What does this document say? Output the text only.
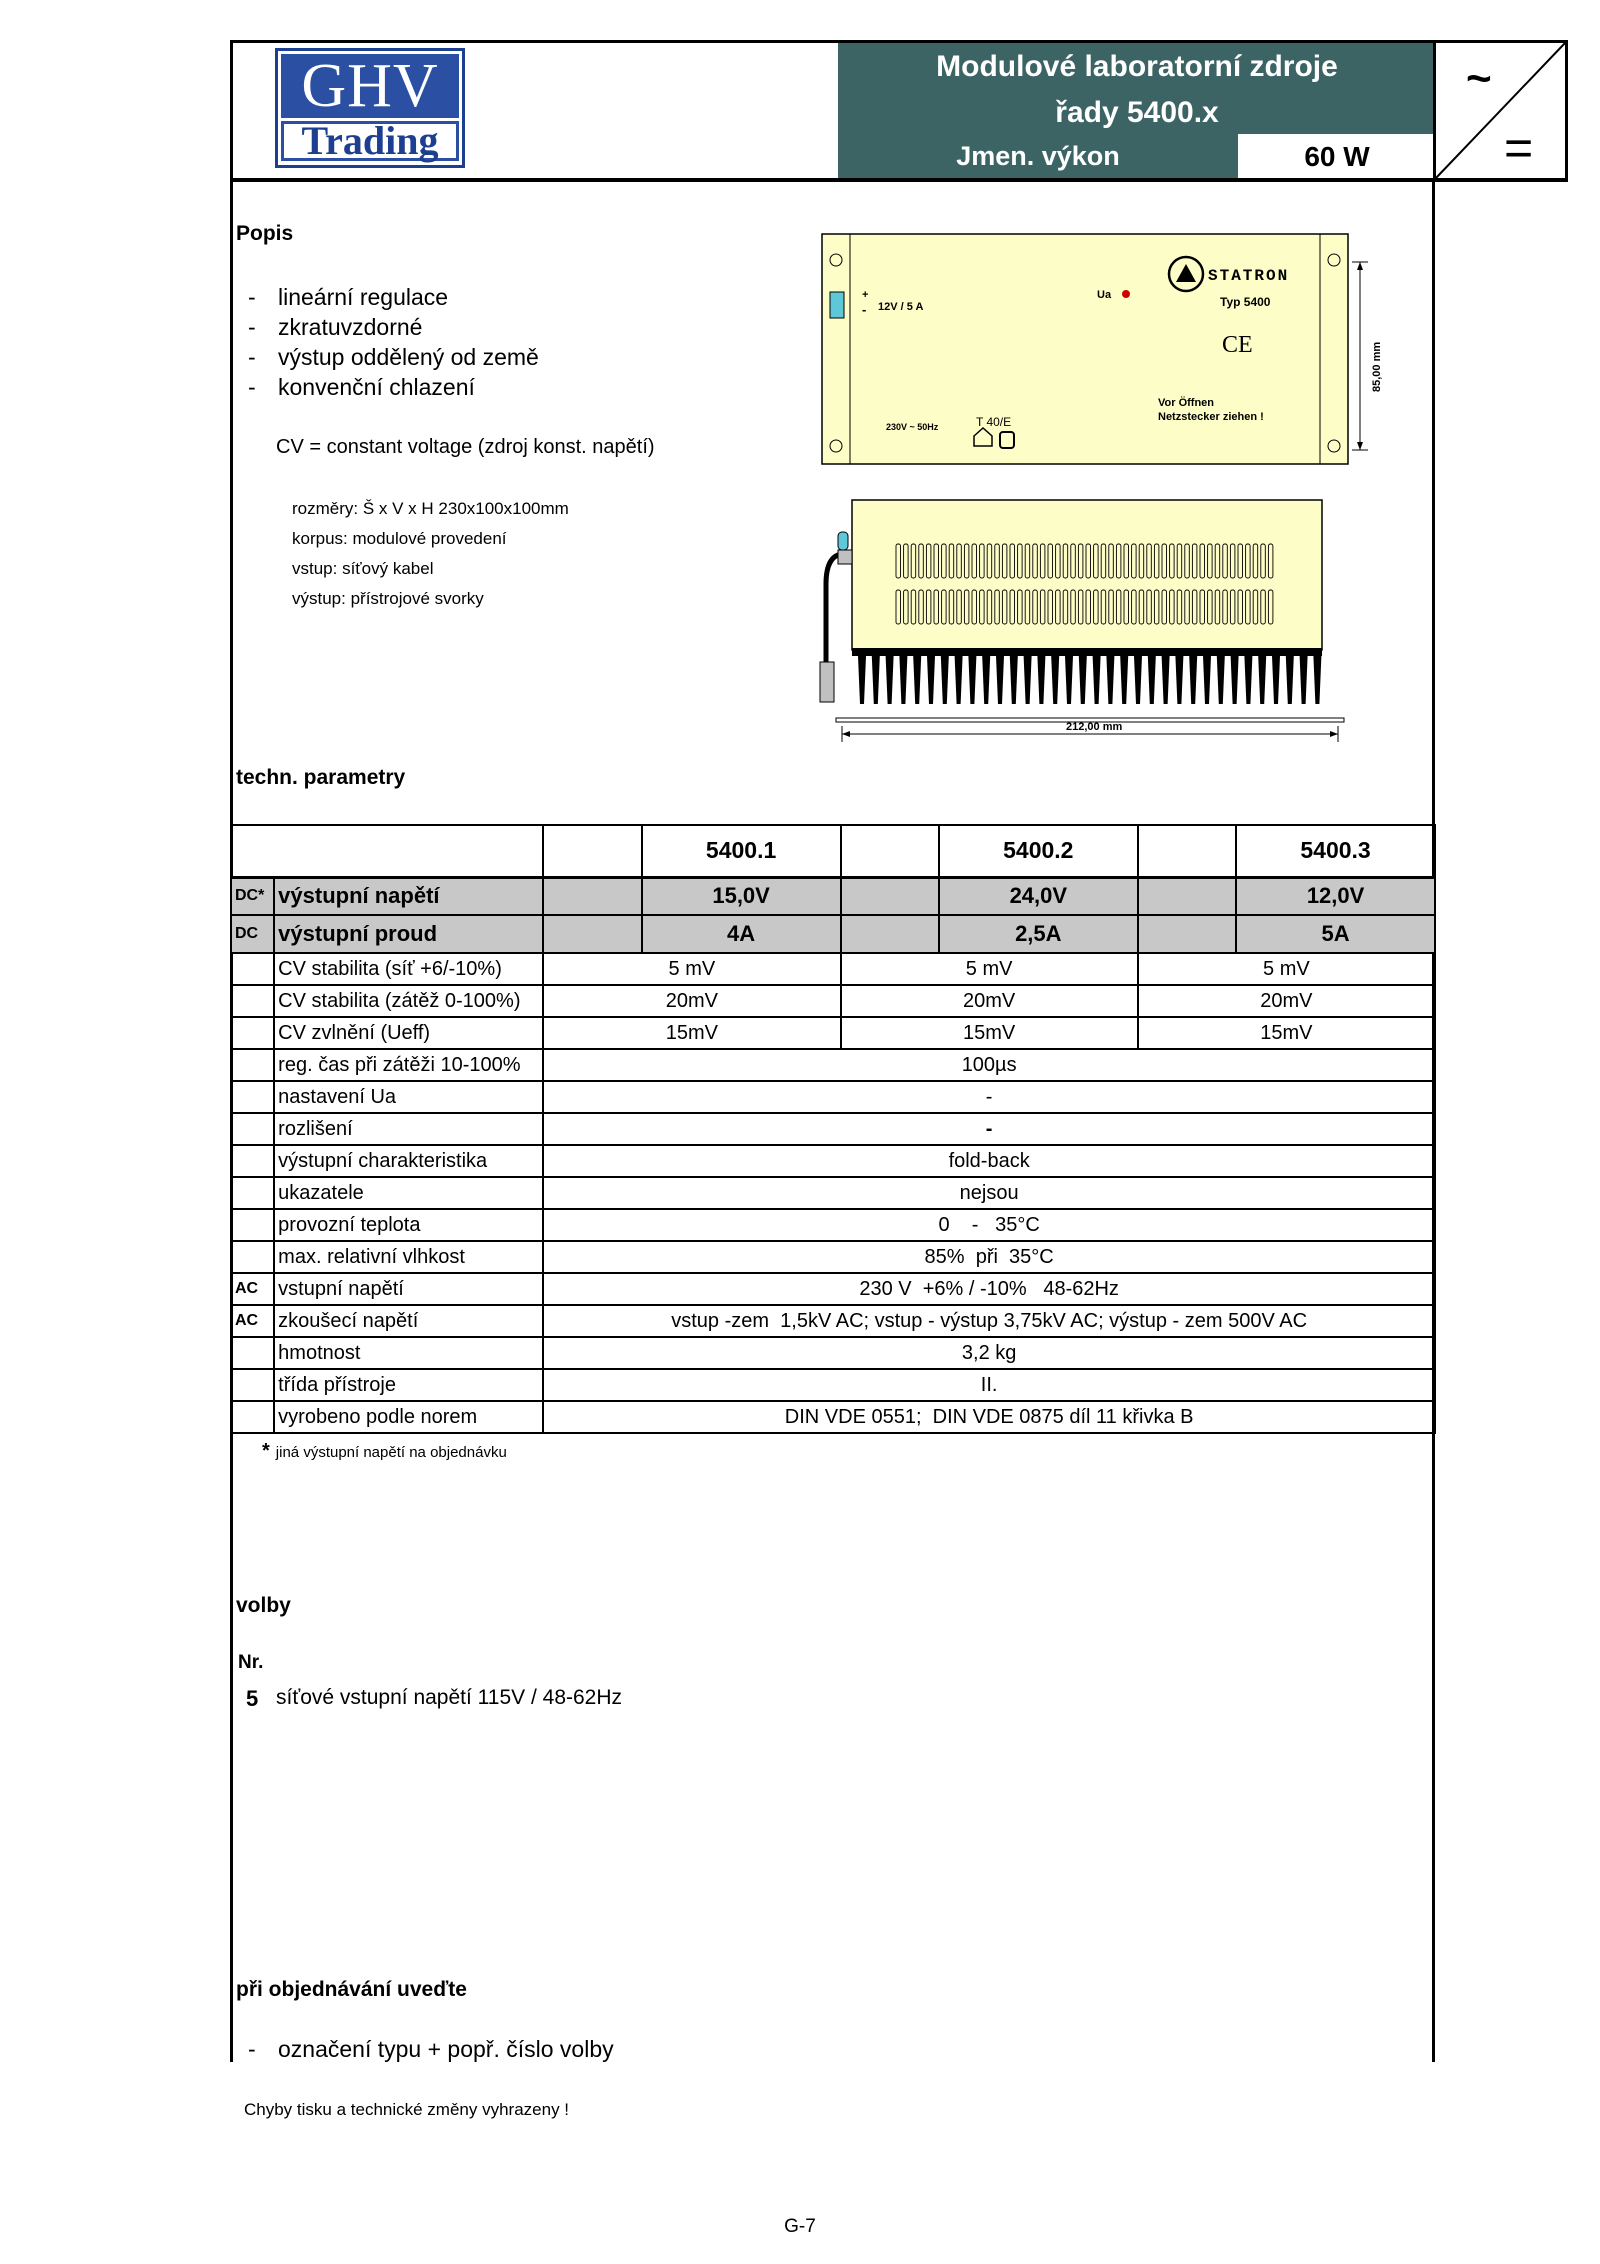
GHV
Trading
Modulové laboratorní zdroje
řady 5400.x
Jmen. výkon	60 W
~
=
Popis
- lineární regulace
- zkratuvzdorné
- výstup oddělený od země
- konvenční chlazení
CV = constant voltage (zdroj konst. napětí)
rozměry: Š x V x H 230x100x100mm
korpus: modulové provedení
vstup: síťový kabel
výstup: přístrojové svorky
+
- 12V / 5 A
Ua
STATRON
Typ 5400
CE
Vor Öffnen
Netzstecker ziehen !
230V ~ 50Hz	T 40/E
85,00 mm
212,00 mm
techn. parametry
			5400.1		5400.2		5400.3
DC*	výstupní napětí		15,0V		24,0V		12,0V
DC	výstupní proud		4A		2,5A		5A
	CV stabilita (síť +6/-10%)	5 mV		5 mV		5 mV	
	CV stabilita (zátěž 0-100%)	20mV		20mV		20mV	
	CV zvlnění (Ueff)	15mV		15mV		15mV	
	reg. čas při zátěži 10-100%	100µs					
	nastavení Ua	-					
	rozlišení	-					
	výstupní charakteristika	fold-back					
	ukazatele	nejsou					
	provozní teplota	0    -   35°C					
	max. relativní vlhkost	85%  při  35°C					
AC	vstupní napětí	230 V  +6% / -10%   48-62Hz					
AC	zkoušecí napětí	vstup -zem  1,5kV AC; vstup - výstup 3,75kV AC; výstup - zem 500V AC					
	hmotnost	3,2 kg					
	třída přístroje	II.					
	vyrobeno podle norem	DIN VDE 0551;  DIN VDE 0875 díl 11 křivka B					
* jiná výstupní napětí na objednávku
volby
Nr.
5 síťové vstupní napětí 115V / 48-62Hz
při objednávání uveďte
- označení typu + popř. číslo volby
Chyby tisku a technické změny vyhrazeny !
G-7
